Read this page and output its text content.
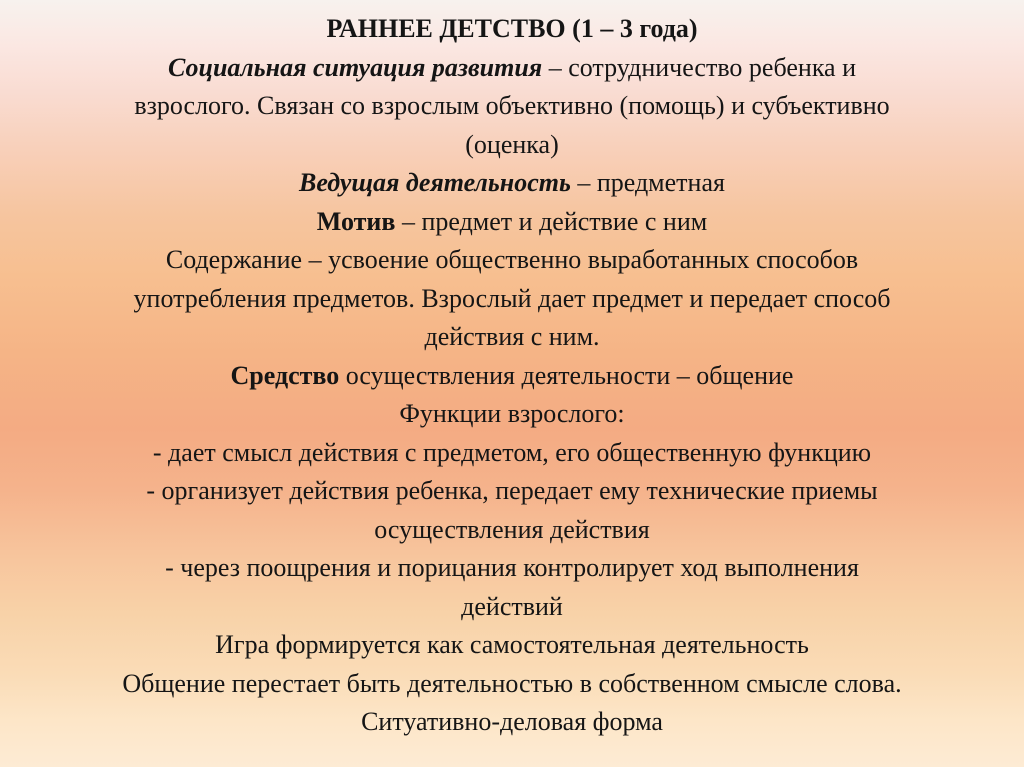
РАННЕЕ ДЕТСТВО (1 – 3 года)
Социальная ситуация развития – сотрудничество ребенка и
взрослого. Связан со взрослым объективно (помощь) и субъективно
(оценка)
Ведущая деятельность – предметная
Мотив – предмет и действие с ним
Содержание – усвоение общественно выработанных способов
употребления предметов. Взрослый дает предмет и передает способ
действия с ним.
Средство осуществления деятельности – общение
Функции взрослого:
- дает смысл действия с предметом, его общественную функцию
- организует действия ребенка, передает ему технические приемы
осуществления действия
- через поощрения и порицания контролирует ход выполнения
действий
Игра формируется как самостоятельная деятельность
Общение перестает быть деятельностью в собственном смысле слова.
Ситуативно-деловая форма
